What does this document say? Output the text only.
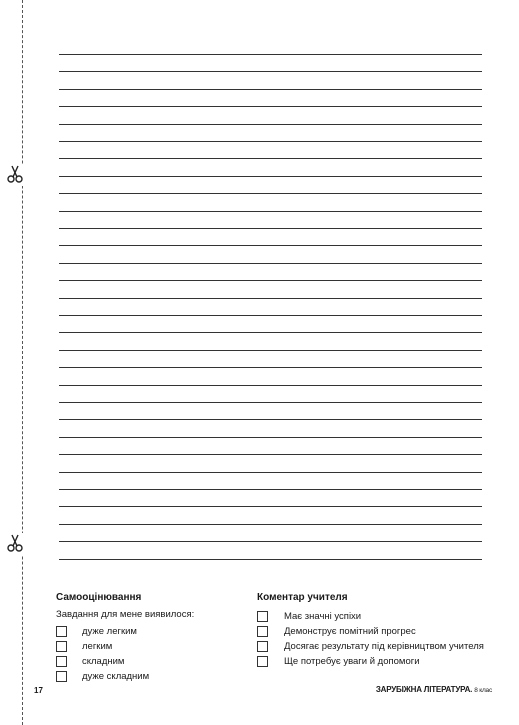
Самооцінювання
Завдання для мене виявилося:
дуже легким
легким
складним
дуже складним
Коментар учителя
Має значні успіхи
Демонструє помітний прогрес
Досягає результату під керівництвом учителя
Ще потребує уваги й допомоги
17	ЗАРУБІЖНА ЛІТЕРАТУРА. 8 клас
